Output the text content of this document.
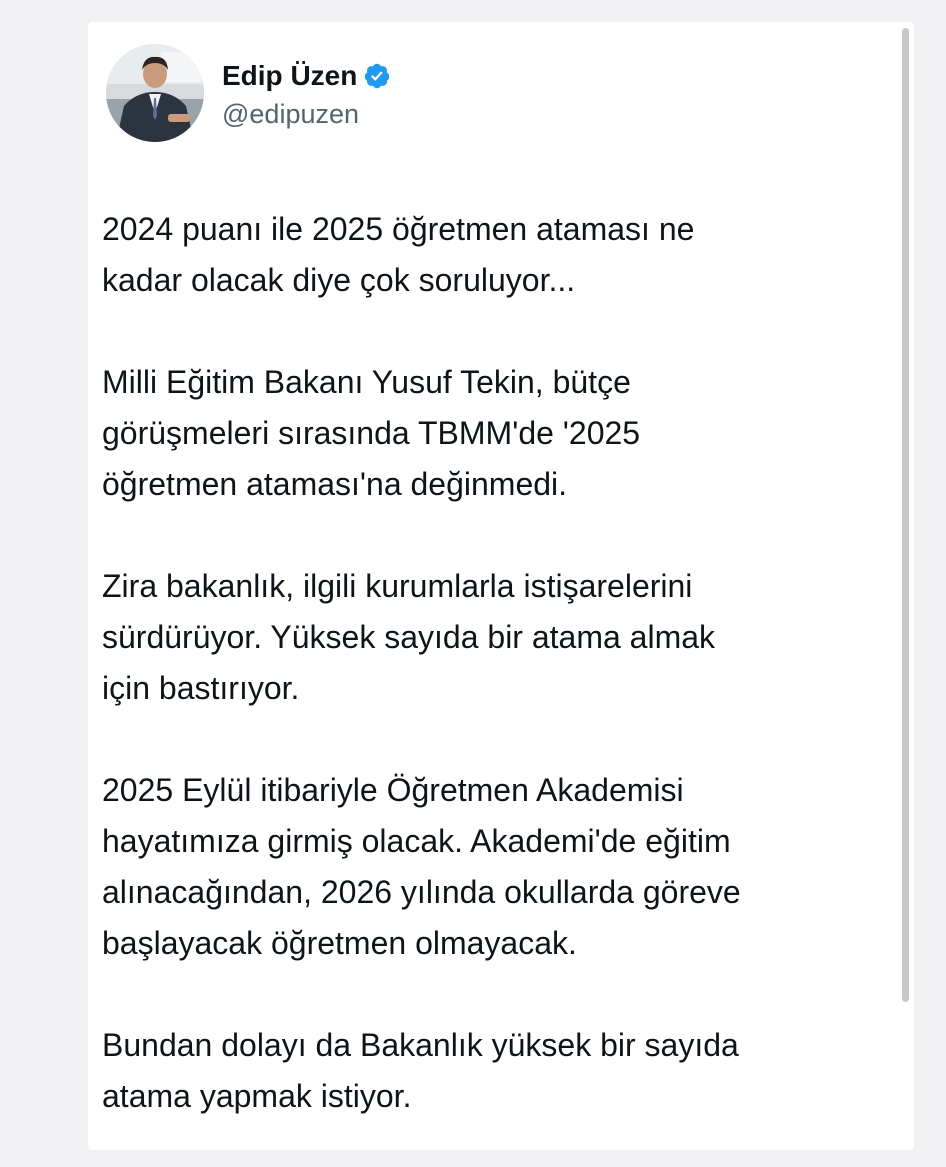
Edip Üzen
@edipuzen

2024 puanı ile 2025 öğretmen ataması ne
kadar olacak diye çok soruluyor...

Milli Eğitim Bakanı Yusuf Tekin, bütçe
görüşmeleri sırasında TBMM'de '2025
öğretmen ataması'na değinmedi.

Zira bakanlık, ilgili kurumlarla istişarelerini
sürdürüyor. Yüksek sayıda bir atama almak
için bastırıyor.

2025 Eylül itibariyle Öğretmen Akademisi
hayatımıza girmiş olacak. Akademi'de eğitim
alınacağından, 2026 yılında okullarda göreve
başlayacak öğretmen olmayacak.

Bundan dolayı da Bakanlık yüksek bir sayıda
atama yapmak istiyor.
